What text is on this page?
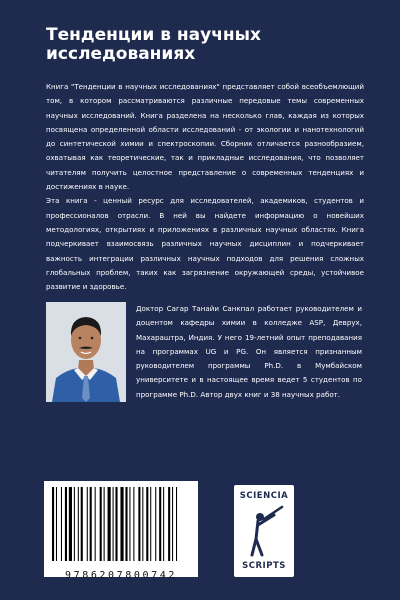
Тенденции в научных исследованиях

Книга "Тенденции в научных исследованиях" представляет собой всеобъемлющий том, в котором рассматриваются различные передовые темы современных научных исследований. Книга разделена на несколько глав, каждая из которых посвящена определенной области исследований - от экологии и нанотехнологий до синтетической химии и спектроскопии. Сборник отличается разнообразием, охватывая как теоретические, так и прикладные исследования, что позволяет читателям получить целостное представление о современных тенденциях и достижениях в науке.

Эта книга - ценный ресурс для исследователей, академиков, студентов и профессионалов отрасли. В ней вы найдете информацию о новейших методологиях, открытиях и приложениях в различных научных областях. Книга подчеркивает взаимосвязь различных научных дисциплин и подчеркивает важность интеграции различных научных подходов для решения сложных глобальных проблем, таких как загрязнение окружающей среды, устойчивое развитие и здоровье.

Доктор Сагар Танайи Санкпал работает руководителем и доцентом кафедры химии в колледже ASP, Деврух, Махараштра, Индия. У него 19-летний опыт преподавания на программах UG и PG. Он является признанным руководителем программы Ph.D. в Мумбайском университете и в настоящее время ведет 5 студентов по программе Ph.D. Автор двух книг и 38 научных работ.
9786207800742
SCIENCIA
SCRIPTS
